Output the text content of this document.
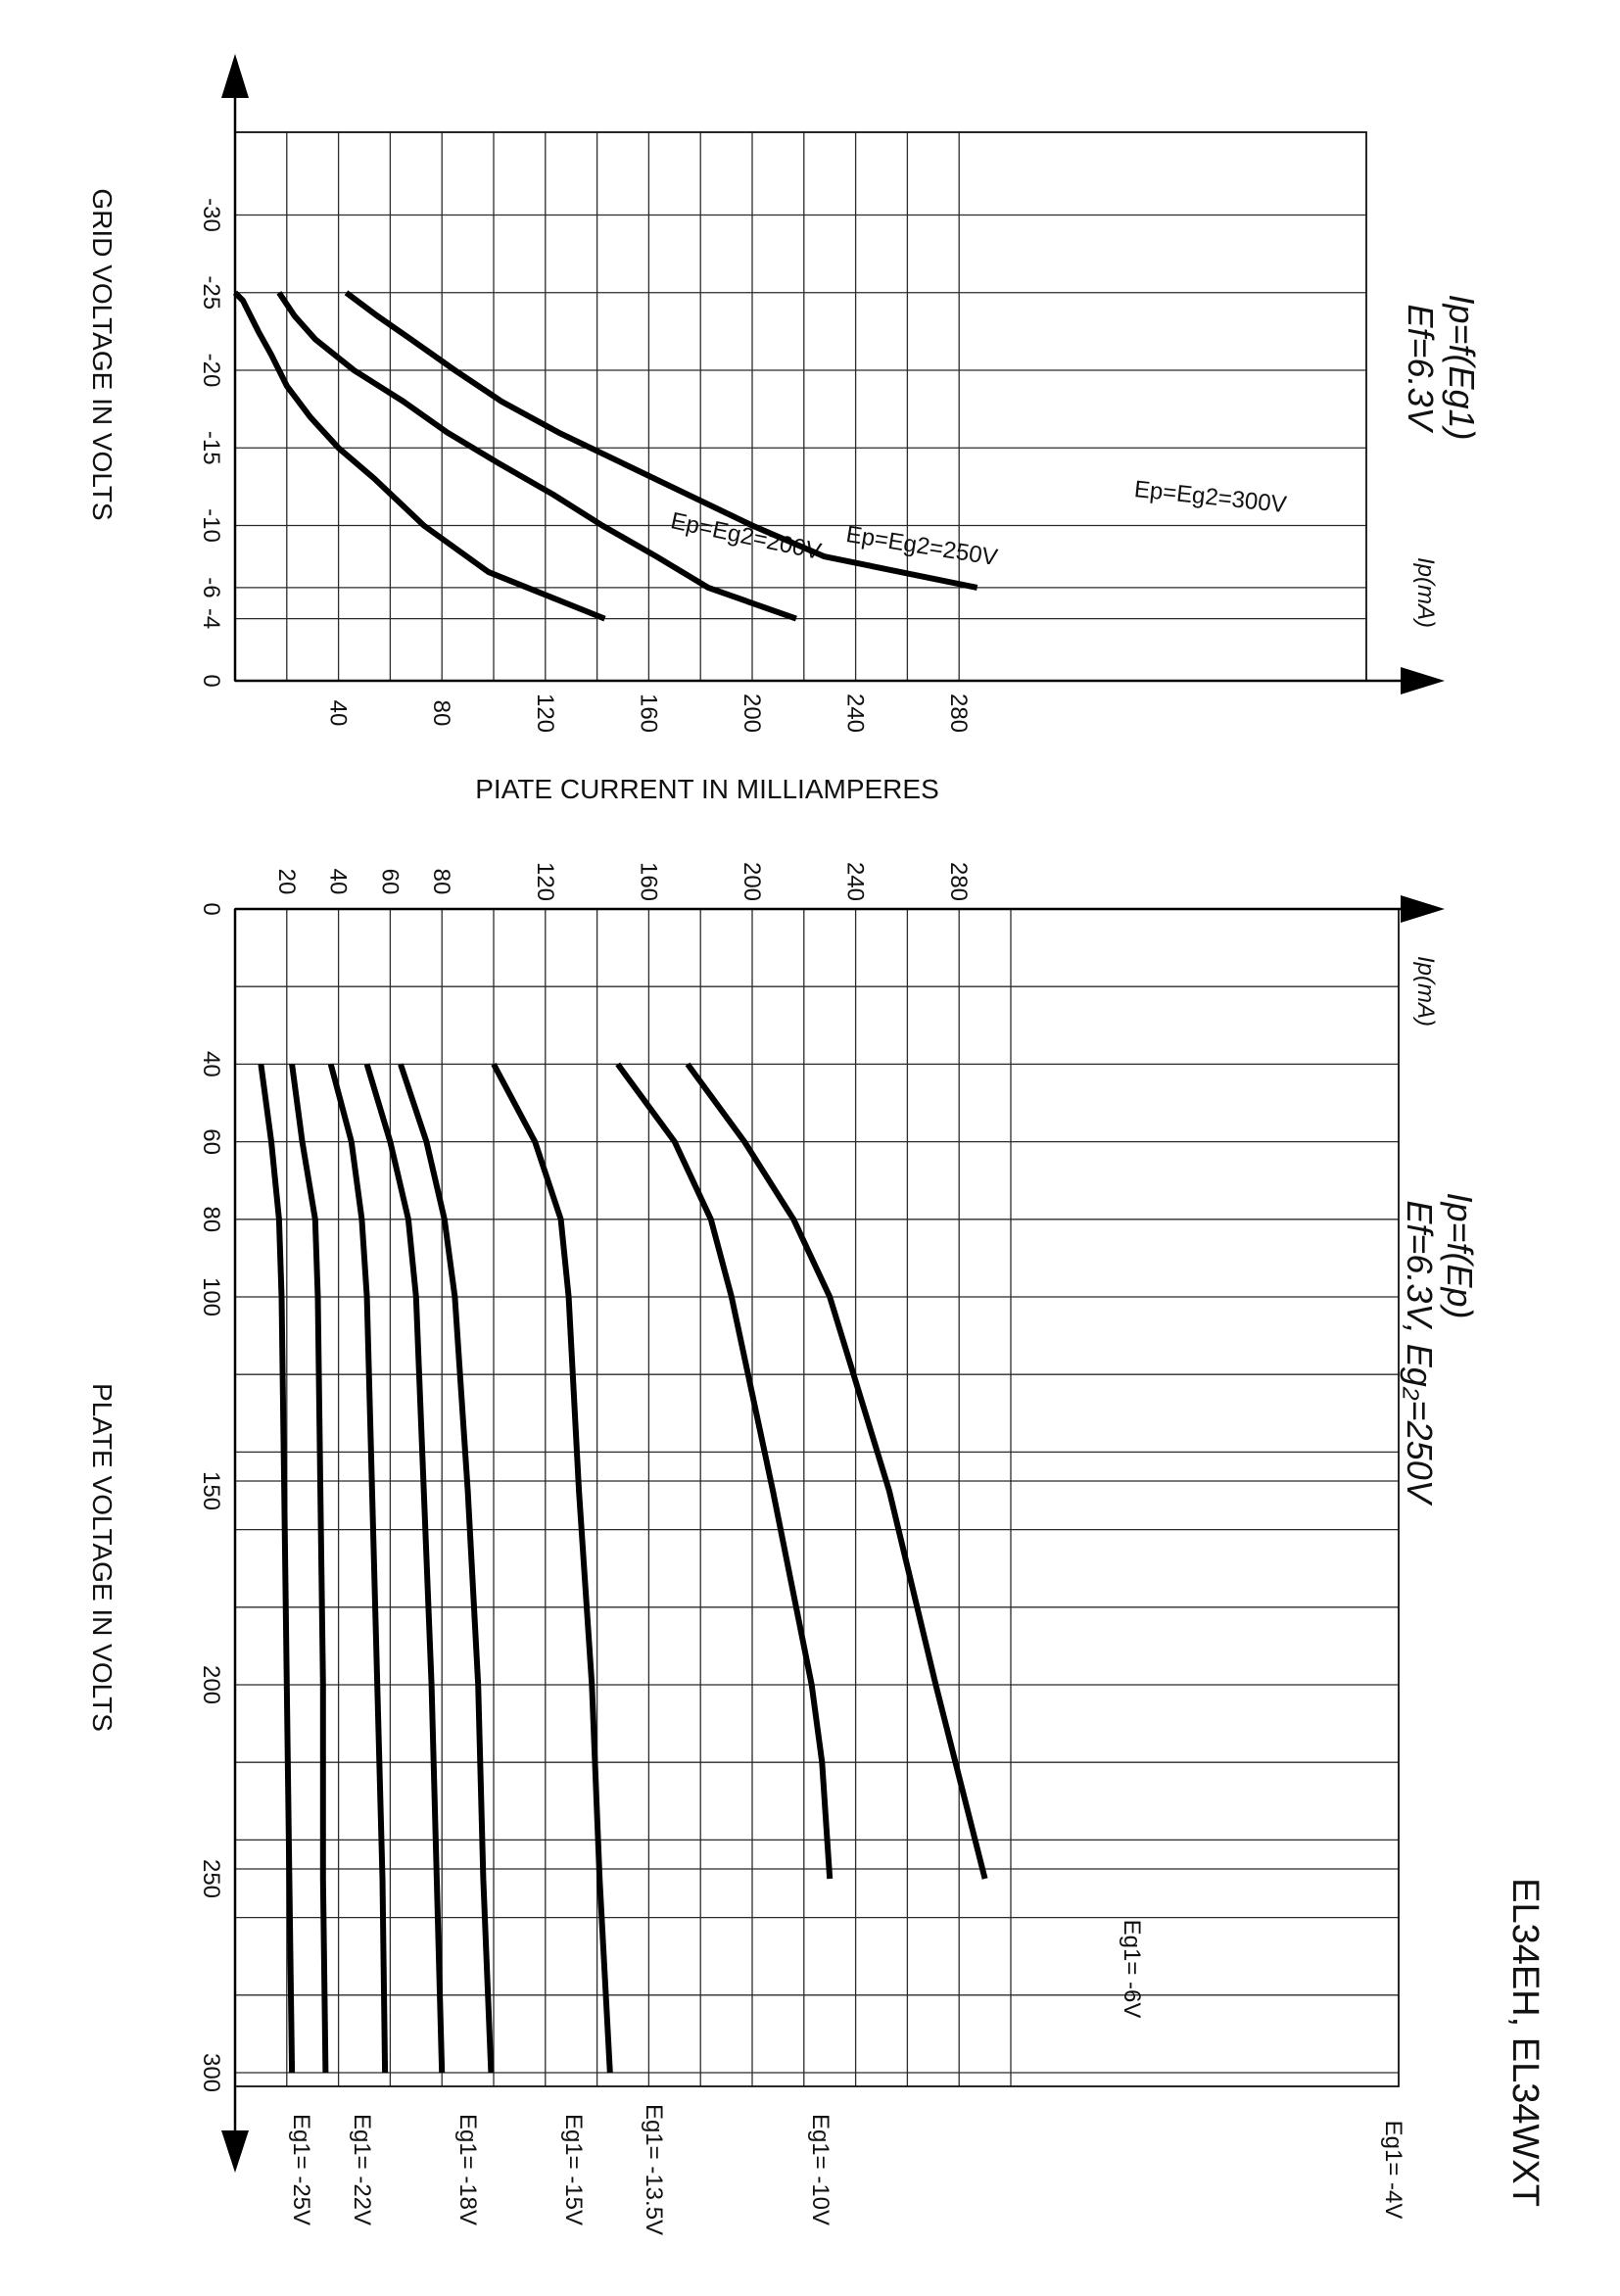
-30
-25
-20
-15
-10
-6
-4
0
40	80	120	160	200	240	280
Ep=Eg2=200V Ep=Eg2=250V
Ep=Eg2=300V
GRID VOLTAGE IN VOLTS
PIATE CURRENT IN MILLIAMPERES
Ip(mA)
Ip=f(Eg1)
Ef=6.3V
0
40
60
80
100
150
200
250
300
20 40 60 80	120	160	200	240	280
Eg1= -4V
Eg1= -6V
Eg1= -10V
Eg1= -13.5V
Eg1= -15V
Eg1= -18V
Eg1= -22V
Eg1= -25V
PLATE VOLTAGE IN VOLTS
Ip(mA)
Ip=f(Ep)
Ef=6.3V, Eg₂=250V
EL34EH, EL34WXT
